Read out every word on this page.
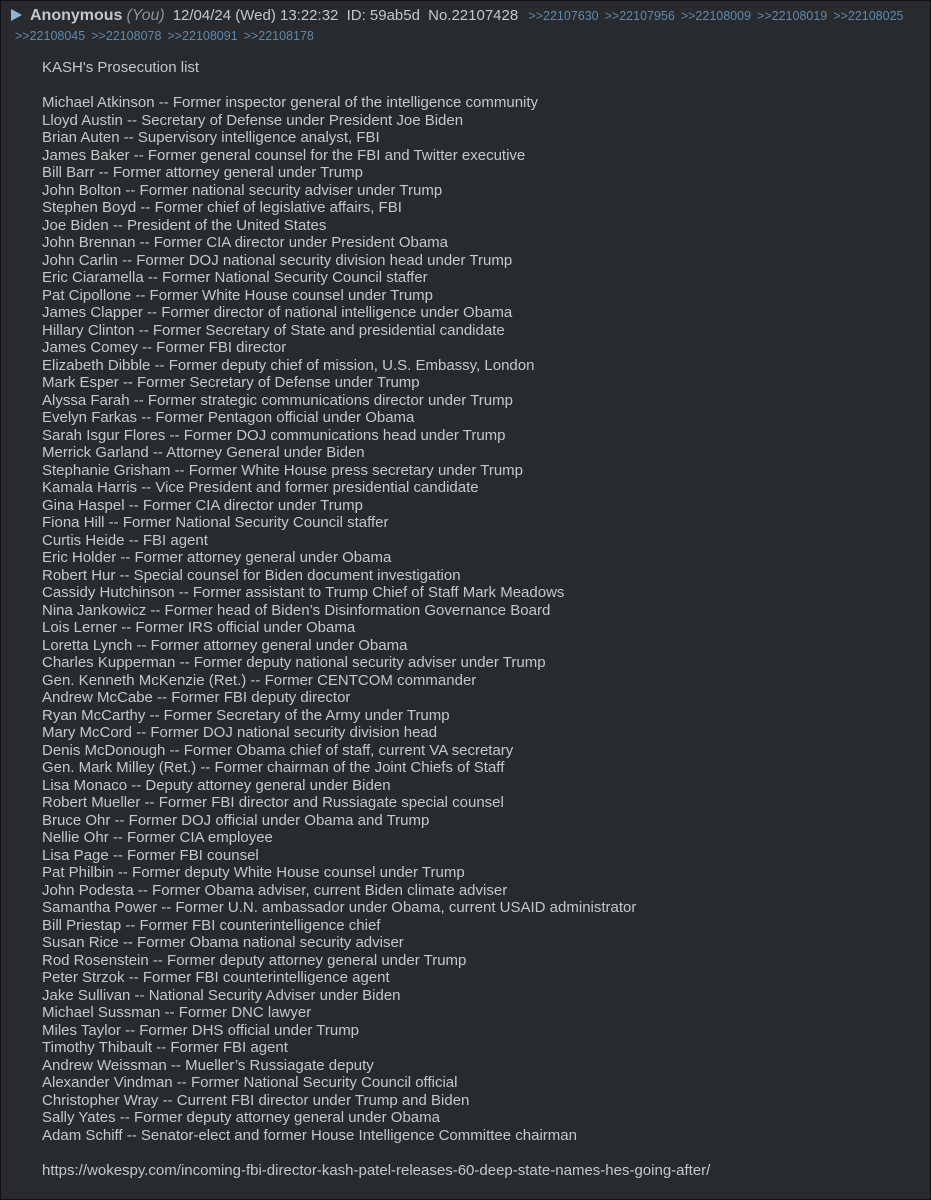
Anonymous (You) 12/04/24 (Wed) 13:22:32 ID: 59ab5d No.22107428 >>22107630 >>22107956 >>22108009 >>22108019 >>22108025
>>22108045 >>22108078 >>22108091 >>22108178
KASH's Prosecution list
Michael Atkinson -- Former inspector general of the intelligence community
Lloyd Austin -- Secretary of Defense under President Joe Biden
Brian Auten -- Supervisory intelligence analyst, FBI
James Baker -- Former general counsel for the FBI and Twitter executive
Bill Barr -- Former attorney general under Trump
John Bolton -- Former national security adviser under Trump
Stephen Boyd -- Former chief of legislative affairs, FBI
Joe Biden -- President of the United States
John Brennan -- Former CIA director under President Obama
John Carlin -- Former DOJ national security division head under Trump
Eric Ciaramella -- Former National Security Council staffer
Pat Cipollone -- Former White House counsel under Trump
James Clapper -- Former director of national intelligence under Obama
Hillary Clinton -- Former Secretary of State and presidential candidate
James Comey -- Former FBI director
Elizabeth Dibble -- Former deputy chief of mission, U.S. Embassy, London
Mark Esper -- Former Secretary of Defense under Trump
Alyssa Farah -- Former strategic communications director under Trump
Evelyn Farkas -- Former Pentagon official under Obama
Sarah Isgur Flores -- Former DOJ communications head under Trump
Merrick Garland -- Attorney General under Biden
Stephanie Grisham -- Former White House press secretary under Trump
Kamala Harris -- Vice President and former presidential candidate
Gina Haspel -- Former CIA director under Trump
Fiona Hill -- Former National Security Council staffer
Curtis Heide -- FBI agent
Eric Holder -- Former attorney general under Obama
Robert Hur -- Special counsel for Biden document investigation
Cassidy Hutchinson -- Former assistant to Trump Chief of Staff Mark Meadows
Nina Jankowicz -- Former head of Biden’s Disinformation Governance Board
Lois Lerner -- Former IRS official under Obama
Loretta Lynch -- Former attorney general under Obama
Charles Kupperman -- Former deputy national security adviser under Trump
Gen. Kenneth McKenzie (Ret.) -- Former CENTCOM commander
Andrew McCabe -- Former FBI deputy director
Ryan McCarthy -- Former Secretary of the Army under Trump
Mary McCord -- Former DOJ national security division head
Denis McDonough -- Former Obama chief of staff, current VA secretary
Gen. Mark Milley (Ret.) -- Former chairman of the Joint Chiefs of Staff
Lisa Monaco -- Deputy attorney general under Biden
Robert Mueller -- Former FBI director and Russiagate special counsel
Bruce Ohr -- Former DOJ official under Obama and Trump
Nellie Ohr -- Former CIA employee
Lisa Page -- Former FBI counsel
Pat Philbin -- Former deputy White House counsel under Trump
John Podesta -- Former Obama adviser, current Biden climate adviser
Samantha Power -- Former U.N. ambassador under Obama, current USAID administrator
Bill Priestap -- Former FBI counterintelligence chief
Susan Rice -- Former Obama national security adviser
Rod Rosenstein -- Former deputy attorney general under Trump
Peter Strzok -- Former FBI counterintelligence agent
Jake Sullivan -- National Security Adviser under Biden
Michael Sussman -- Former DNC lawyer
Miles Taylor -- Former DHS official under Trump
Timothy Thibault -- Former FBI agent
Andrew Weissman -- Mueller’s Russiagate deputy
Alexander Vindman -- Former National Security Council official
Christopher Wray -- Current FBI director under Trump and Biden
Sally Yates -- Former deputy attorney general under Obama
Adam Schiff -- Senator-elect and former House Intelligence Committee chairman
https://wokespy.com/incoming-fbi-director-kash-patel-releases-60-deep-state-names-hes-going-after/
